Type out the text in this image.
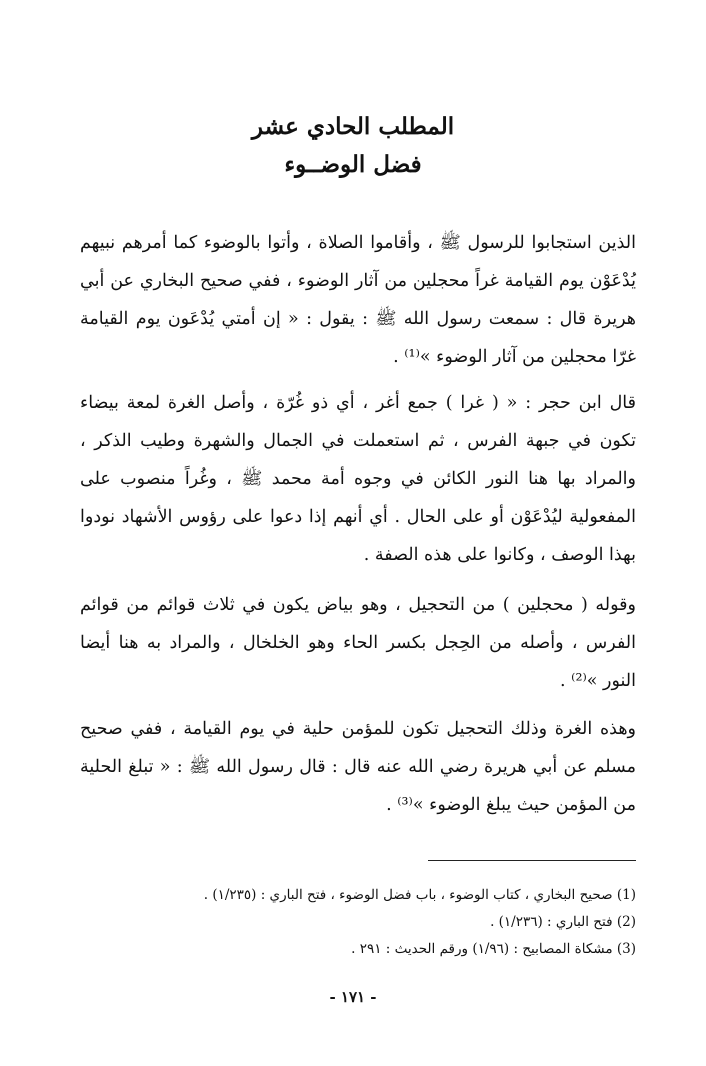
المطلب الحادي عشر
فضل الوضــوء
الذين استجابوا للرسول ﷺ ، وأقاموا الصلاة ، وأتوا بالوضوء كما أمرهم نبيهم يُدْعَوْن يوم القيامة غراً محجلين من آثار الوضوء ، ففي صحيح البخاري عن أبي هريرة قال : سمعت رسول الله ﷺ : يقول : « إن أمتي يُدْعَون يوم القيامة غرّا محجلين من آثار الوضوء »⁽¹⁾ .
قال ابن حجر : « ( غرا ) جمع أغر ، أي ذو غُرّة ، وأصل الغرة لمعة بيضاء تكون في جبهة الفرس ، ثم استعملت في الجمال والشهرة وطيب الذكر ، والمراد بها هنا النور الكائن في وجوه أمة محمد ﷺ ، وغُراً منصوب على المفعولية ليُدْعَوْن أو على الحال . أي أنهم إذا دعوا على رؤوس الأشهاد نودوا بهذا الوصف ، وكانوا على هذه الصفة .
وقوله ( محجلين ) من التحجيل ، وهو بياض يكون في ثلاث قوائم من قوائم الفرس ، وأصله من الحِجل بكسر الحاء وهو الخلخال ، والمراد به هنا أيضا النور »⁽²⁾ .
وهذه الغرة وذلك التحجيل تكون للمؤمن حلية في يوم القيامة ، ففي صحيح مسلم عن أبي هريرة رضي الله عنه قال : قال رسول الله ﷺ : « تبلغ الحلية من المؤمن حيث يبلغ الوضوء »⁽³⁾ .
(1) صحيح البخاري ، كتاب الوضوء ، باب فضل الوضوء ، فتح الباري : (١/٢٣٥) .
(2) فتح الباري : (١/٢٣٦) .
(3) مشكاة المصابيح : (١/٩٦) ورقم الحديث : ٢٩١ .
- ١٧١ -
